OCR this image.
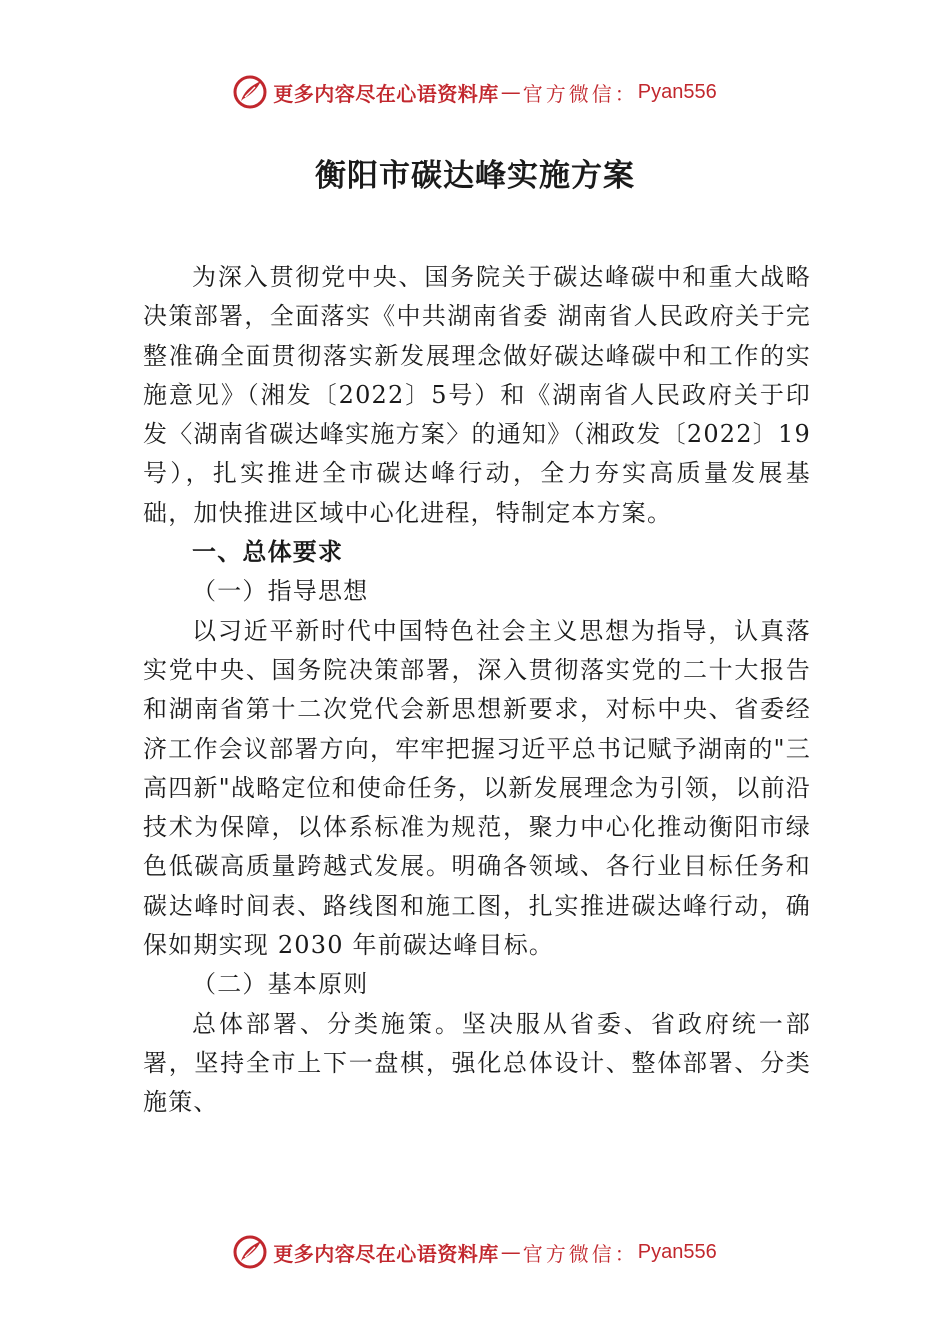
更多内容尽在心语资料库 — 官方微信： Pyan556
衡阳市碳达峰实施方案

为深入贯彻党中央、国务院关于碳达峰碳中和重大战略决策部署，全面落实《中共湖南省委 湖南省人民政府关于完整准确全面贯彻落实新发展理念做好碳达峰碳中和工作的实施意见》（湘发〔2022〕5号）和《湖南省人民政府关于印发〈湖南省碳达峰实施方案〉的通知》（湘政发〔2022〕19号），扎实推进全市碳达峰行动，全力夯实高质量发展基础，加快推进区域中心化进程，特制定本方案。

一、总体要求

（一）指导思想

以习近平新时代中国特色社会主义思想为指导，认真落实党中央、国务院决策部署，深入贯彻落实党的二十大报告和湖南省第十二次党代会新思想新要求，对标中央、省委经济工作会议部署方向，牢牢把握习近平总书记赋予湖南的"三高四新"战略定位和使命任务，以新发展理念为引领，以前沿技术为保障，以体系标准为规范，聚力中心化推动衡阳市绿色低碳高质量跨越式发展。明确各领域、各行业目标任务和碳达峰时间表、路线图和施工图，扎实推进碳达峰行动，确保如期实现 2030 年前碳达峰目标。

（二）基本原则

总体部署、分类施策。坚决服从省委、省政府统一部署，坚持全市上下一盘棋，强化总体设计、整体部署、分类施策、

更多内容尽在心语资料库 — 官方微信： Pyan556
